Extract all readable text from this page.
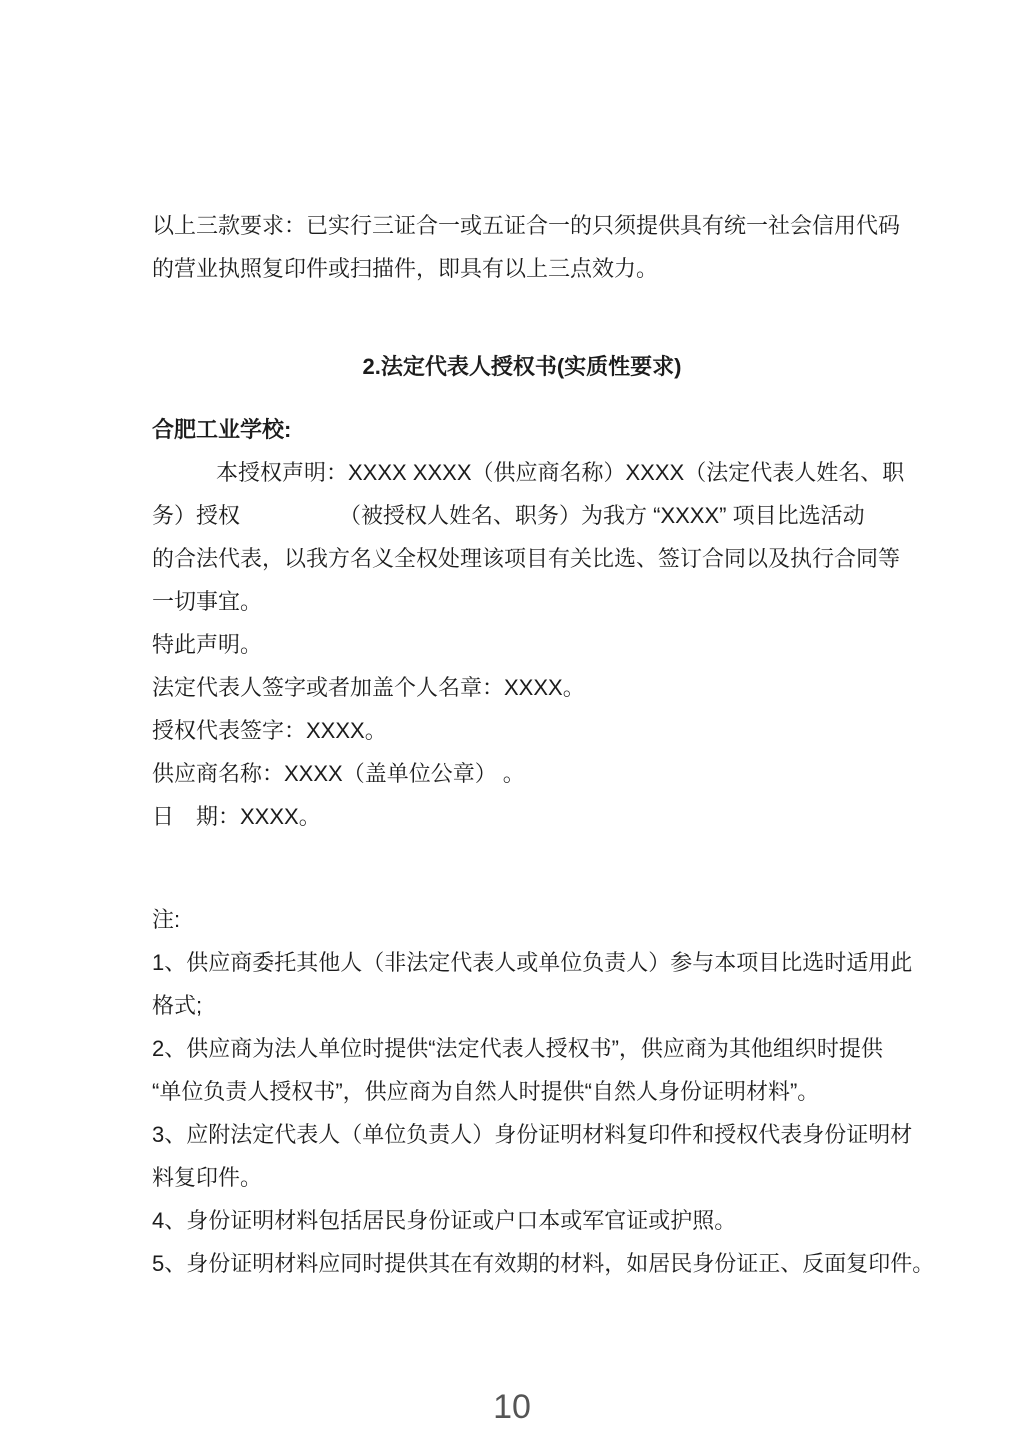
以上三款要求：已实行三证合一或五证合一的只须提供具有统一社会信用代码
的营业执照复印件或扫描件，即具有以上三点效力。
2.法定代表人授权书(实质性要求)
合肥工业学校:
本授权声明：XXXX XXXX（供应商名称）XXXX（法定代表人姓名、职
务）授权　　　　　（被授权人姓名、职务）为我方 “XXXX” 项目比选活动
的合法代表，以我方名义全权处理该项目有关比选、签订合同以及执行合同等
一切事宜。
特此声明。
法定代表人签字或者加盖个人名章：XXXX。
授权代表签字：XXXX。
供应商名称：XXXX（盖单位公章） 。
日　期：XXXX。
注:
1、供应商委托其他人（非法定代表人或单位负责人）参与本项目比选时适用此
格式;
2、供应商为法人单位时提供“法定代表人授权书”，供应商为其他组织时提供
“单位负责人授权书”，供应商为自然人时提供“自然人身份证明材料”。
3、应附法定代表人（单位负责人）身份证明材料复印件和授权代表身份证明材
料复印件。
4、身份证明材料包括居民身份证或户口本或军官证或护照。
5、身份证明材料应同时提供其在有效期的材料，如居民身份证正、反面复印件。
10
